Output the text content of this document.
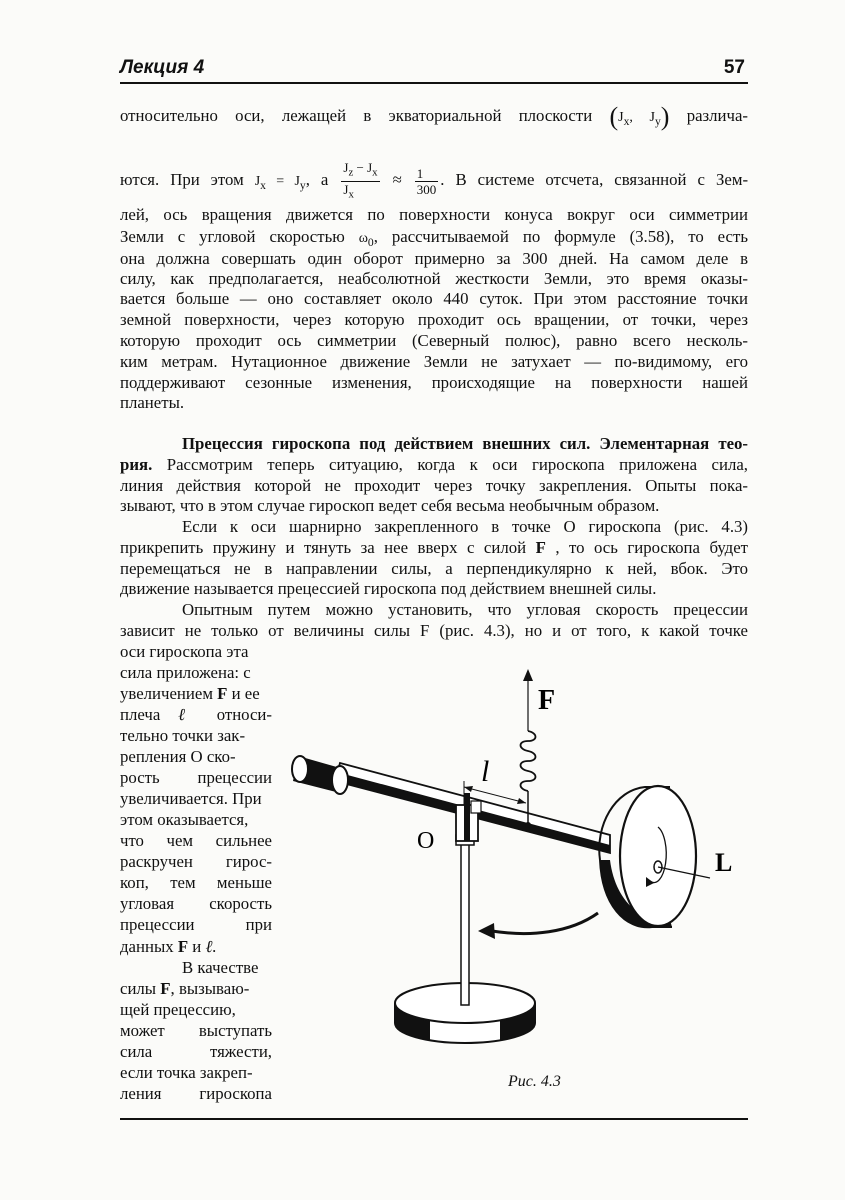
Лекция 4	57
относительно оси, лежащей в экваториальной плоскости ($J_x$, $J_y$) различа-
ются. При этом $J_x = J_y$, а $\frac{J_z - J_x}{J_x} \approx \frac{1}{300}$ . В системе отсчета, связанной с Зем-
лей, ось вращения движется по поверхности конуса вокруг оси симметрии
Земли с угловой скоростью $\omega_0$, рассчитываемой по формуле (3.58), то есть
она должна совершать один оборот примерно за 300 дней. На самом деле в
силу, как предполагается, неабсолютной жесткости Земли, это время оказы-
вается больше — оно составляет около 440 суток. При этом расстояние точки
земной поверхности, через которую проходит ось вращении, от точки, через
которую проходит ось симметрии (Северный полюс), равно всего несколь-
ким метрам. Нутационное движение Земли не затухает — по-видимому, его
поддерживают сезонные изменения, происходящие на поверхности нашей
планеты.
Прецессия гироскопа под действием внешних сил. Элементарная тео-
рия. Рассмотрим теперь ситуацию, когда к оси гироскопа приложена сила,
линия действия которой не проходит через точку закрепления. Опыты пока-
зывают, что в этом случае гироскоп ведет себя весьма необычным образом.
Если к оси шарнирно закрепленного в точке О гироскопа (рис. 4.3)
прикрепить пружину и тянуть за нее вверх с силой F , то ось гироскопа будет
перемещаться не в направлении силы, а перпендикулярно к ней, вбок. Это
движение называется прецессией гироскопа под действием внешней силы.
Опытным путем можно установить, что угловая скорость прецессии
зависит не только от величины силы F (рис. 4.3), но и от того, к какой точке
оси гироскопа эта
сила приложена: с
увеличением F и ее
плеча ℓ относи-
тельно точки зак-
репления О ско-
рость прецессии
увеличивается. При
этом оказывается,
что чем сильнее
раскручен гирос-
коп, тем меньше
угловая скорость
прецессии при
данных F и ℓ.
В качестве
силы F, вызываю-
щей прецессию,
может выступать
сила тяжести,
если точка закреп-
ления гироскопа
F
l
O
L
Рис. 4.3
